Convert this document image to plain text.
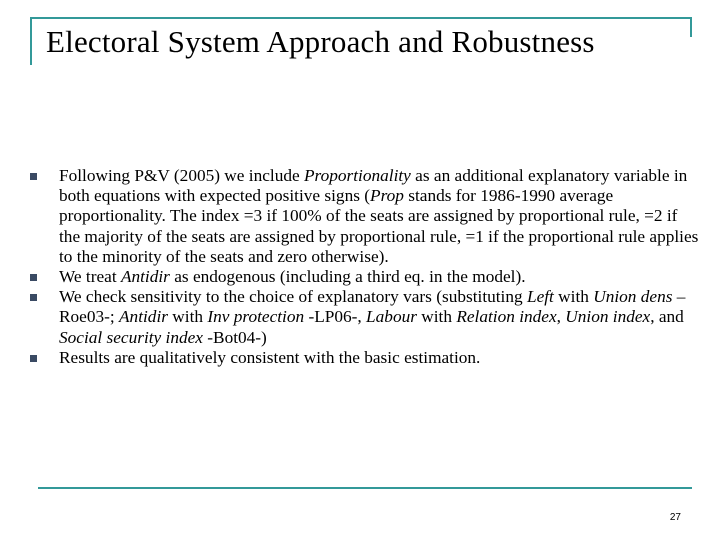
Electoral System Approach and Robustness
Following P&V (2005) we include Proportionality as an additional explanatory variable in both equations with expected positive signs (Prop stands for 1986-1990 average proportionality. The index =3 if 100% of the seats are assigned by proportional rule, =2 if the majority of the seats are assigned by proportional rule, =1 if the proportional rule applies to the minority of the seats and zero otherwise).
We treat Antidir as endogenous (including a third eq. in the model).
We check sensitivity to the choice of explanatory vars (substituting Left with Union dens –Roe03-; Antidir with Inv protection -LP06-, Labour with Relation index, Union index, and Social security index -Bot04-)
Results are qualitatively consistent with the basic estimation.
27
